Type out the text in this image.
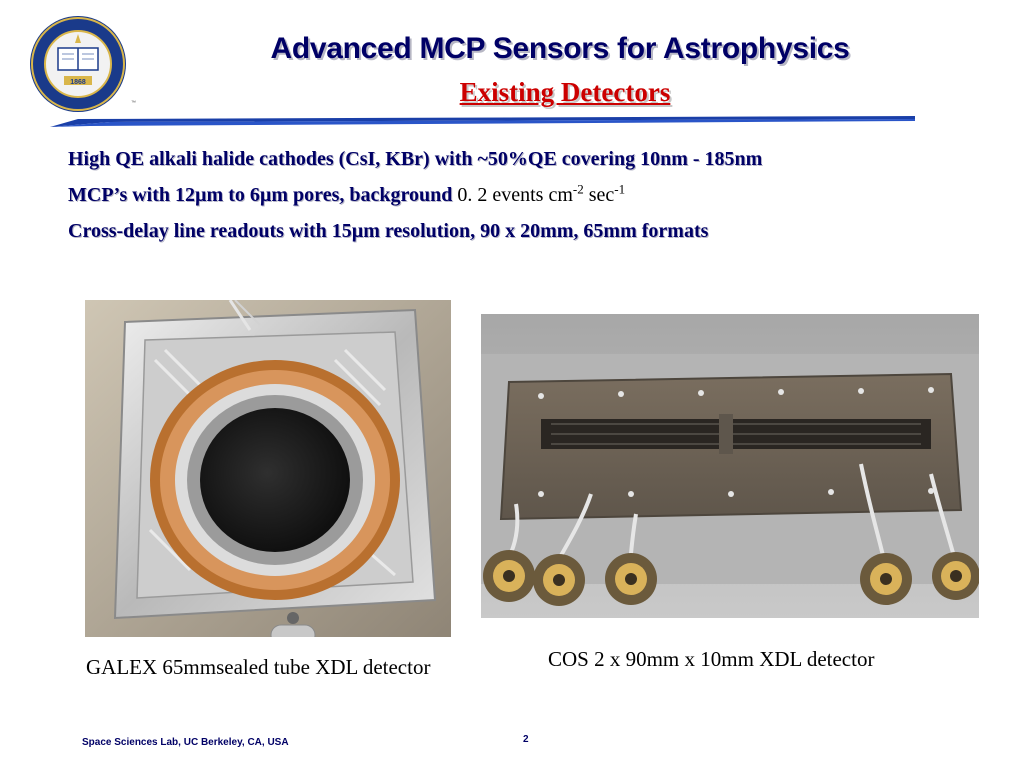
1868
™
Advanced MCP Sensors for Astrophysics
Existing Detectors
High QE alkali halide cathodes (CsI, KBr) with ~50%QE covering 10nm - 185nm
MCP’s with 12µm to 6µm pores, background 0. 2 events $cm^{-2}$ $\sec^{-1}$
Cross-delay line readouts with 15µm resolution, 90 x 20mm, 65mm formats
GALEX 65mmsealed tube XDL detector	COS 2 x 90mm x 10mm XDL detector
Space Sciences Lab, UC Berkeley, CA, USA	2
